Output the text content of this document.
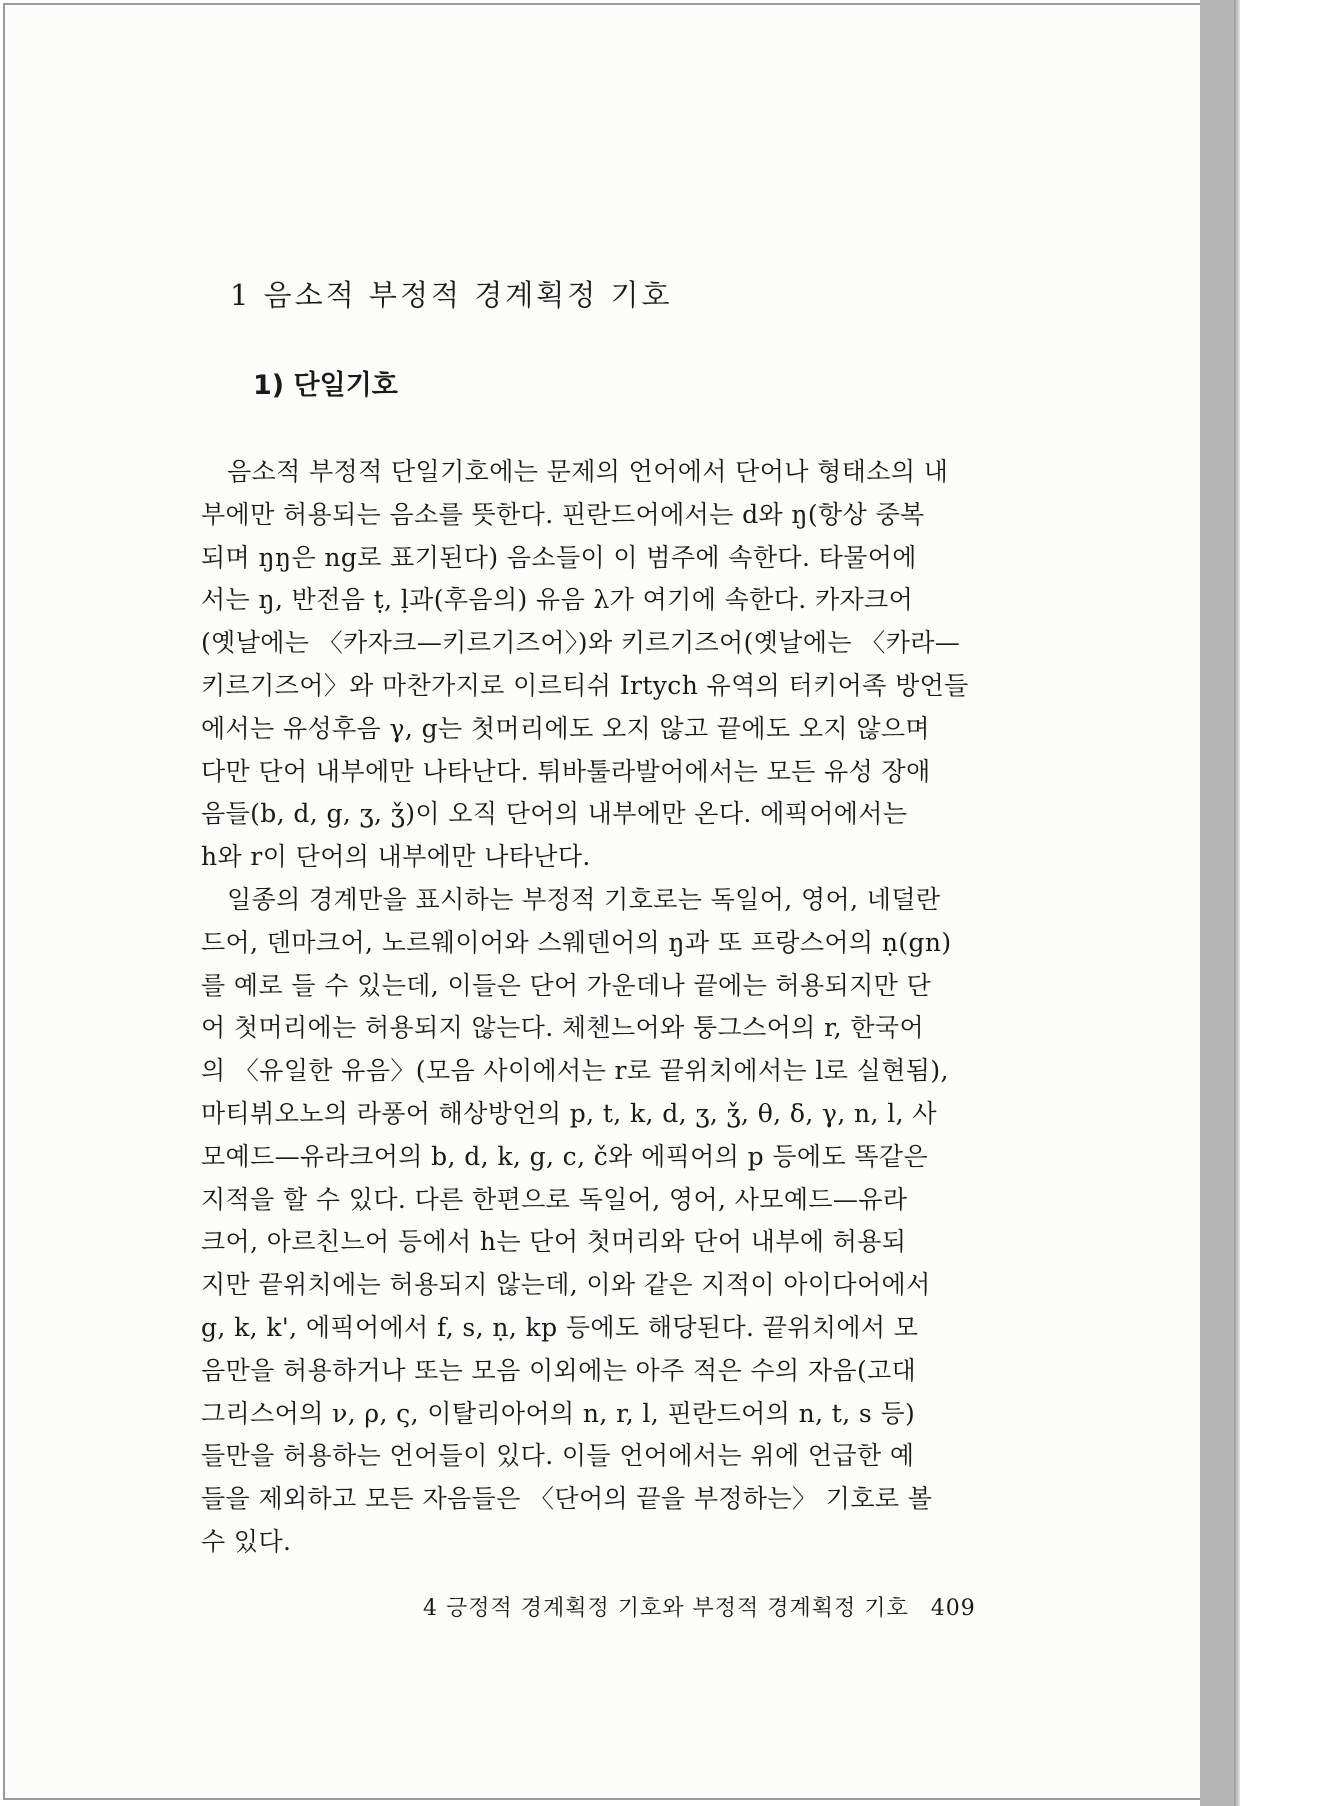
1 음소적 부정적 경계획정 기호
1) 단일기호
음소적 부정적 단일기호에는 문제의 언어에서 단어나 형태소의 내
부에만 허용되는 음소를 뜻한다. 핀란드어에서는 d와 ŋ(항상 중복
되며 ŋŋ은 ng로 표기된다) 음소들이 이 범주에 속한다. 타물어에
서는 ŋ, 반전음 ṭ, ḷ과(후음의) 유음 λ가 여기에 속한다. 카자크어
(옛날에는 〈카자크—키르기즈어〉)와 키르기즈어(옛날에는 〈카라—
키르기즈어〉와 마찬가지로 이르티쉬 Irtych 유역의 터키어족 방언들
에서는 유성후음 γ, g는 첫머리에도 오지 않고 끝에도 오지 않으며
다만 단어 내부에만 나타난다. 튀바툴라발어에서는 모든 유성 장애
음들(b, d, g, ʒ, ǯ)이 오직 단어의 내부에만 온다. 에픽어에서는
h와 r이 단어의 내부에만 나타난다.
일종의 경계만을 표시하는 부정적 기호로는 독일어, 영어, 네덜란
드어, 덴마크어, 노르웨이어와 스웨덴어의 ŋ과 또 프랑스어의 ṇ(gn)
를 예로 들 수 있는데, 이들은 단어 가운데나 끝에는 허용되지만 단
어 첫머리에는 허용되지 않는다. 체첸느어와 퉁그스어의 r, 한국어
의 〈유일한 유음〉(모음 사이에서는 r로 끝위치에서는 l로 실현됨),
마티뷔오노의 라퐁어 해상방언의 p, t, k, d, ʒ, ǯ, θ, δ, γ, n, l, 사
모예드—유라크어의 b, d, k, g, c, č와 에픽어의 p 등에도 똑같은
지적을 할 수 있다. 다른 한편으로 독일어, 영어, 사모예드—유라
크어, 아르친느어 등에서 h는 단어 첫머리와 단어 내부에 허용되
지만 끝위치에는 허용되지 않는데, 이와 같은 지적이 아이다어에서
g, k, k', 에픽어에서 f, s, ṇ, kp 등에도 해당된다. 끝위치에서 모
음만을 허용하거나 또는 모음 이외에는 아주 적은 수의 자음(고대
그리스어의 ν, ρ, ς, 이탈리아어의 n, r, l, 핀란드어의 n, t, s 등)
들만을 허용하는 언어들이 있다. 이들 언어에서는 위에 언급한 예
들을 제외하고 모든 자음들은 〈단어의 끝을 부정하는〉 기호로 볼
수 있다.
4 긍정적 경계획정 기호와 부정적 경계획정 기호 409
